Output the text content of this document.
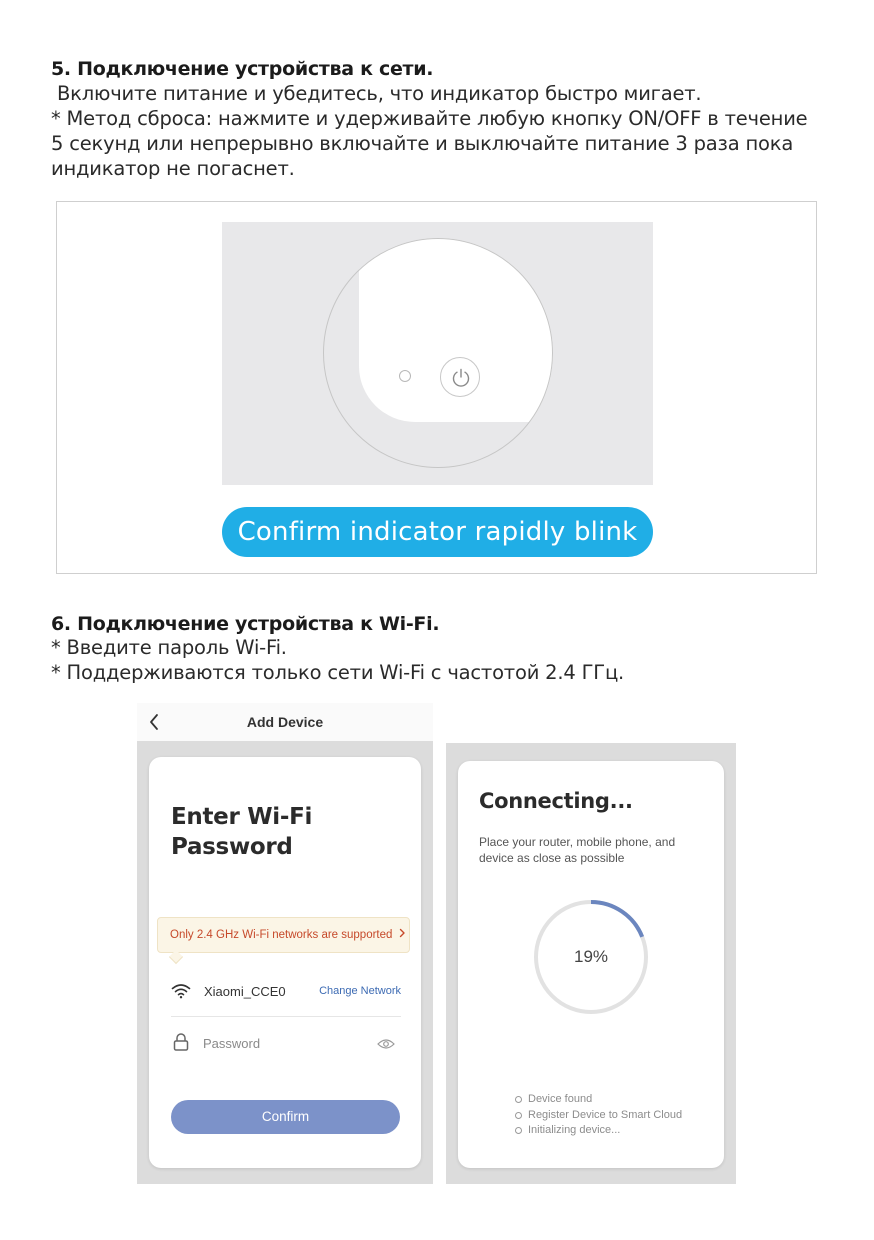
5. Подключение устройства к сети.
Включите питание и убедитесь, что индикатор быстро мигает.
* Метод сброса: нажмите и удерживайте любую кнопку ON/OFF в течение
5 секунд или непрерывно включайте и выключайте питание 3 раза пока
индикатор не погаснет.
Confirm indicator rapidly blink
6. Подключение устройства к Wi-Fi.
* Введите пароль Wi-Fi.
* Поддерживаются только сети Wi-Fi с частотой 2.4 ГГц.
Add Device
Enter Wi-Fi
Password
Only 2.4 GHz Wi-Fi networks are supported
Xiaomi_CCE0	Change Network
Password
Confirm
Connecting...
Place your router, mobile phone, and device as close as possible
19%
Device found
Register Device to Smart Cloud
Initializing device...
